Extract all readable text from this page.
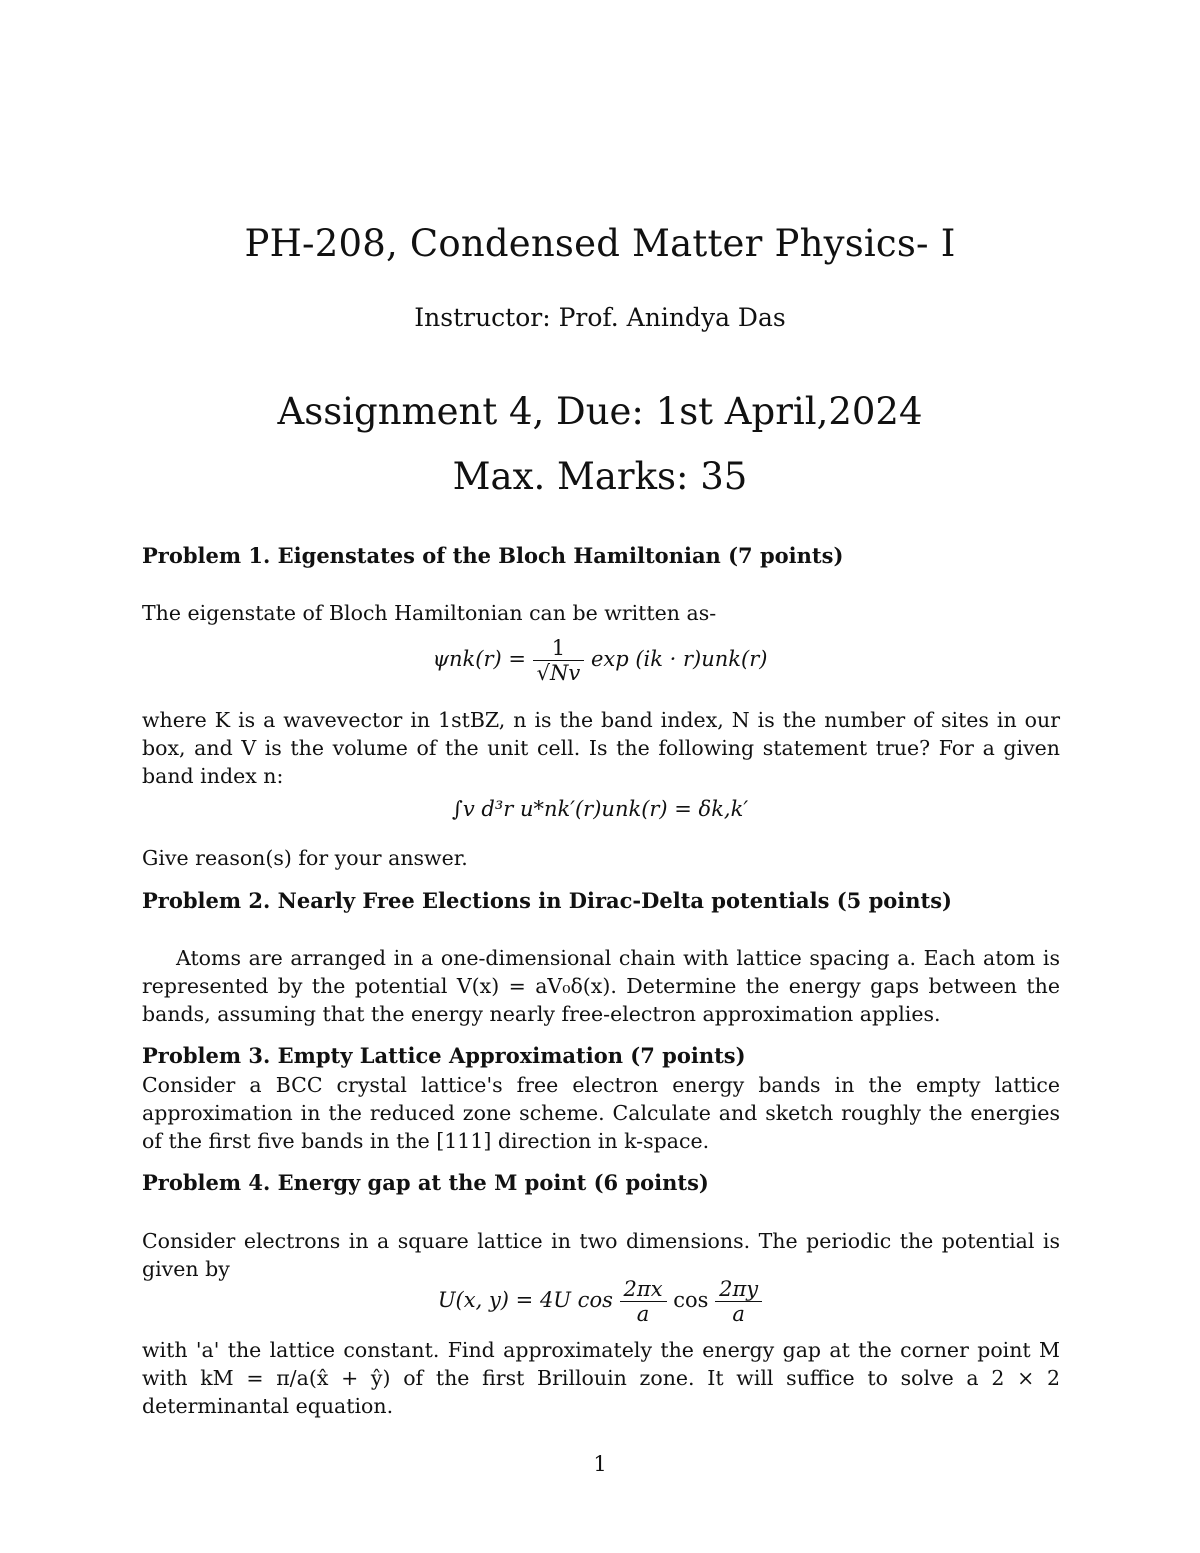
PH-208, Condensed Matter Physics- I
Instructor: Prof. Anindya Das
Assignment 4, Due: 1st April,2024
Max. Marks: 35
Problem 1. Eigenstates of the Bloch Hamiltonian (7 points)
The eigenstate of Bloch Hamiltonian can be written as-
$\psi nk(r) = \frac{1}{√Nv}$ exp (ik · r)unk(r)
where K is a wavevector in 1stBZ, n is the band index, N is the number of sites in our box, and V is the volume of the unit cell. Is the following statement true? For a given band index n:
∫v d³r u*nk′(r)unk(r) = δk,k′
Give reason(s) for your answer.
Problem 2. Nearly Free Elections in Dirac-Delta potentials (5 points)
Atoms are arranged in a one-dimensional chain with lattice spacing a. Each atom is represented by the potential V(x) = aV₀δ(x). Determine the energy gaps between the bands, assuming that the energy nearly free-electron approximation applies.
Problem 3. Empty Lattice Approximation (7 points)
Consider a BCC crystal lattice's free electron energy bands in the empty lattice approximation in the reduced zone scheme. Calculate and sketch roughly the energies of the first five bands in the [111] direction in k-space.
Problem 4. Energy gap at the M point (6 points)
Consider electrons in a square lattice in two dimensions. The periodic the potential is given by
U(x, y) = 4U $\cos \frac{2\pi x}{a}$ $\cos \frac{2\pi y}{a}$
with 'a' the lattice constant. Find approximately the energy gap at the corner point M with kM = π/a(x̂ + ŷ) of the first Brillouin zone. It will suffice to solve a 2 × 2 determinantal equation.
1
